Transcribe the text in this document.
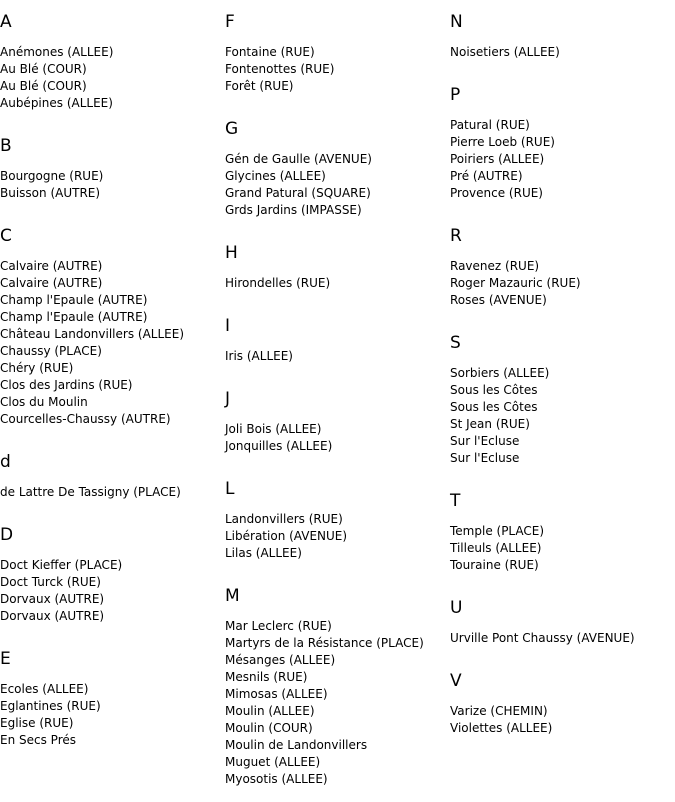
A
Anémones (ALLEE)
Au Blé (COUR)
Au Blé (COUR)
Aubépines (ALLEE)
B
Bourgogne (RUE)
Buisson (AUTRE)
C
Calvaire (AUTRE)
Calvaire (AUTRE)
Champ l'Epaule (AUTRE)
Champ l'Epaule (AUTRE)
Château Landonvillers (ALLEE)
Chaussy (PLACE)
Chéry (RUE)
Clos des Jardins (RUE)
Clos du Moulin
Courcelles-Chaussy (AUTRE)
d
de Lattre De Tassigny (PLACE)
D
Doct Kieffer (PLACE)
Doct Turck (RUE)
Dorvaux (AUTRE)
Dorvaux (AUTRE)
E
Ecoles (ALLEE)
Eglantines (RUE)
Eglise (RUE)
En Secs Prés
F
Fontaine (RUE)
Fontenottes (RUE)
Forêt (RUE)
G
Gén de Gaulle (AVENUE)
Glycines (ALLEE)
Grand Patural (SQUARE)
Grds Jardins (IMPASSE)
H
Hirondelles (RUE)
I
Iris (ALLEE)
J
Joli Bois (ALLEE)
Jonquilles (ALLEE)
L
Landonvillers (RUE)
Libération (AVENUE)
Lilas (ALLEE)
M
Mar Leclerc (RUE)
Martyrs de la Résistance (PLACE)
Mésanges (ALLEE)
Mesnils (RUE)
Mimosas (ALLEE)
Moulin (ALLEE)
Moulin (COUR)
Moulin de Landonvillers
Muguet (ALLEE)
Myosotis (ALLEE)
N
Noisetiers (ALLEE)
P
Patural (RUE)
Pierre Loeb (RUE)
Poiriers (ALLEE)
Pré (AUTRE)
Provence (RUE)
R
Ravenez (RUE)
Roger Mazauric (RUE)
Roses (AVENUE)
S
Sorbiers (ALLEE)
Sous les Côtes
Sous les Côtes
St Jean (RUE)
Sur l'Ecluse
Sur l'Ecluse
T
Temple (PLACE)
Tilleuls (ALLEE)
Touraine (RUE)
U
Urville Pont Chaussy (AVENUE)
V
Varize (CHEMIN)
Violettes (ALLEE)
